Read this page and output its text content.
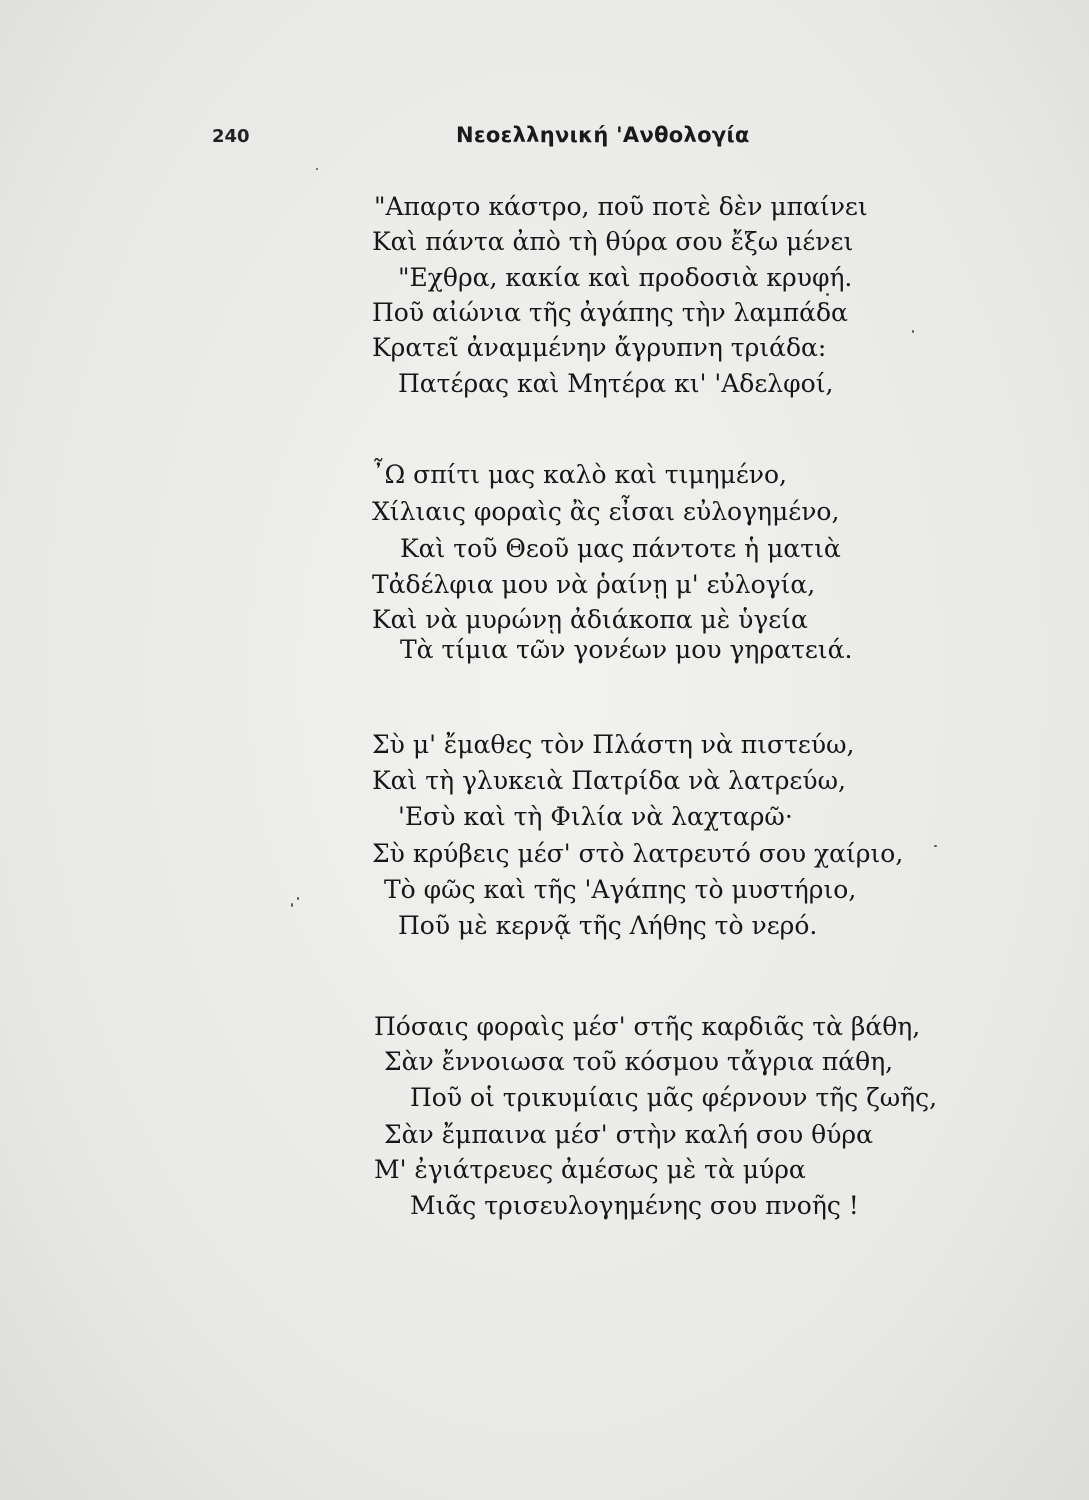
240	Νεοελληνική 'Ανθολογία
"Απαρτο κάστρο, ποῦ ποτὲ δὲν μπαίνει
Καὶ πάντα ἀπὸ τὴ θύρα σου ἔξω μένει
"Εχθρα, κακία καὶ προδοσιὰ κρυφή.
Ποῦ αἰώνια τῆς ἀγάπης τὴν λαμπάδα
Κρατεῖ ἀναμμένην ἄγρυπνη τριάδα:
Πατέρας καὶ Μητέρα κι' 'Αδελφοί,
῏Ω σπίτι μας καλὸ καὶ τιμημένο,
Χίλιαις φοραὶς ἂς εἶσαι εὐλογημένο,
Καὶ τοῦ Θεοῦ μας πάντοτε ἡ ματιὰ
Τἀδέλφια μου νὰ ῥαίνῃ μ' εὐλογία,
Καὶ νὰ μυρώνῃ ἀδιάκοπα μὲ ὑγεία
Τὰ τίμια τῶν γονέων μου γηρατειά.
Σὺ μ' ἔμαθες τὸν Πλάστη νὰ πιστεύω,
Καὶ τὴ γλυκειὰ Πατρίδα νὰ λατρεύω,
'Εσὺ καὶ τὴ Φιλία νὰ λαχταρῶ·
Σὺ κρύβεις μέσ' στὸ λατρευτό σου χαίριο,
Τὸ φῶς καὶ τῆς 'Αγάπης τὸ μυστήριο,
Ποῦ μὲ κερνᾷ τῆς Λήθης τὸ νερό.
Πόσαις φοραὶς μέσ' στῆς καρδιᾶς τὰ βάθη,
Σὰν ἔννοιωσα τοῦ κόσμου τἄγρια πάθη,
Ποῦ οἱ τρικυμίαις μᾶς φέρνουν τῆς ζωῆς,
Σὰν ἔμπαινα μέσ' στὴν καλή σου θύρα
Μ' ἐγιάτρευες ἀμέσως μὲ τὰ μύρα
Μιᾶς τρισευλογημένης σου πνοῆς !
